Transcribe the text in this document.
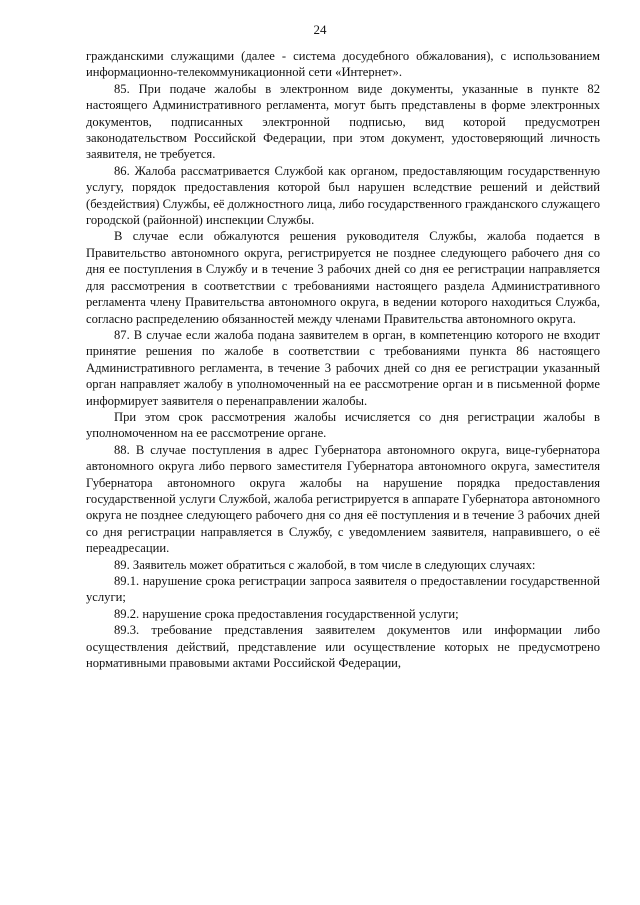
24

гражданскими служащими (далее - система досудебного обжалования), с использованием информационно-телекоммуникационной сети «Интернет».

85. При подаче жалобы в электронном виде документы, указанные в пункте 82 настоящего Административного регламента, могут быть представлены в форме электронных документов, подписанных электронной подписью, вид которой предусмотрен законодательством Российской Федерации, при этом документ, удостоверяющий личность заявителя, не требуется.

86. Жалоба рассматривается Службой как органом, предоставляющим государственную услугу, порядок предоставления которой был нарушен вследствие решений и действий (бездействия) Службы, её должностного лица, либо государственного гражданского служащего городской (районной) инспекции Службы.

В случае если обжалуются решения руководителя Службы, жалоба подается в Правительство автономного округа, регистрируется не позднее следующего рабочего дня со дня ее поступления в Службу и в течение 3 рабочих дней со дня ее регистрации направляется для рассмотрения в соответствии с требованиями настоящего раздела Административного регламента члену Правительства автономного округа, в ведении которого находиться Служба, согласно распределению обязанностей между членами Правительства автономного округа.

87. В случае если жалоба подана заявителем в орган, в компетенцию которого не входит принятие решения по жалобе в соответствии с требованиями пункта 86 настоящего Административного регламента, в течение 3 рабочих дней со дня ее регистрации указанный орган направляет жалобу в уполномоченный на ее рассмотрение орган и в письменной форме информирует заявителя о перенаправлении жалобы.

При этом срок рассмотрения жалобы исчисляется со дня регистрации жалобы в уполномоченном на ее рассмотрение органе.

88. В случае поступления в адрес Губернатора автономного округа, вице-губернатора автономного округа либо первого заместителя Губернатора автономного округа, заместителя Губернатора автономного округа жалобы на нарушение порядка предоставления государственной услуги Службой, жалоба регистрируется в аппарате Губернатора автономного округа не позднее следующего рабочего дня со дня её поступления и в течение 3 рабочих дней со дня регистрации направляется в Службу, с уведомлением заявителя, направившего, о её переадресации.

89. Заявитель может обратиться с жалобой, в том числе в следующих случаях:

89.1. нарушение срока регистрации запроса заявителя о предоставлении государственной услуги;

89.2. нарушение срока предоставления государственной услуги;

89.3. требование представления заявителем документов или информации либо осуществления действий, представление или осуществление которых не предусмотрено нормативными правовыми актами Российской Федерации,
